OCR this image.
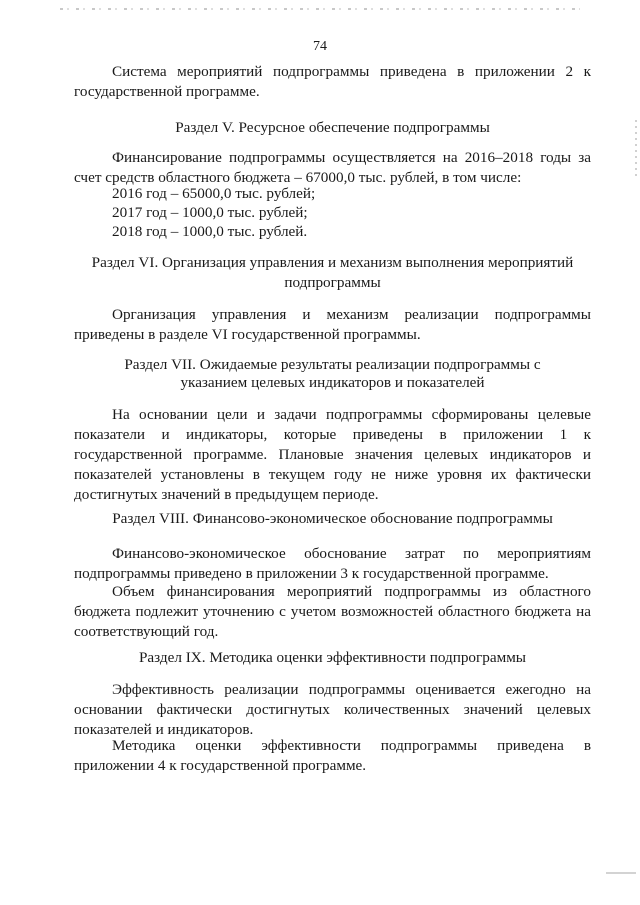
74

Система мероприятий подпрограммы приведена в приложении 2 к государственной программе.

Раздел V. Ресурсное обеспечение подпрограммы

Финансирование подпрограммы осуществляется на 2016–2018 годы за счет средств областного бюджета – 67000,0 тыс. рублей, в том числе:

2016 год – 65000,0 тыс. рублей;
2017 год – 1000,0 тыс. рублей;
2018 год – 1000,0 тыс. рублей.

Раздел VI. Организация управления и механизм выполнения мероприятий

подпрограммы

Организация управления и механизм реализации подпрограммы приведены в разделе VI государственной программы.

Раздел VII. Ожидаемые результаты реализации подпрограммы с

указанием целевых индикаторов и показателей

На основании цели и задачи подпрограммы сформированы целевые показатели и индикаторы, которые приведены в приложении 1 к государственной программе. Плановые значения целевых индикаторов и показателей установлены в текущем году не ниже уровня их фактически достигнутых значений в предыдущем периоде.

Раздел VIII. Финансово-экономическое обоснование подпрограммы

Финансово-экономическое обоснование затрат по мероприятиям подпрограммы приведено в приложении 3 к государственной программе.

Объем финансирования мероприятий подпрограммы из областного бюджета подлежит уточнению с учетом возможностей областного бюджета на соответствующий год.

Раздел IX. Методика оценки эффективности подпрограммы

Эффективность реализации подпрограммы оценивается ежегодно на основании фактически достигнутых количественных значений целевых показателей и индикаторов.

Методика оценки эффективности подпрограммы приведена в приложении 4 к государственной программе.
